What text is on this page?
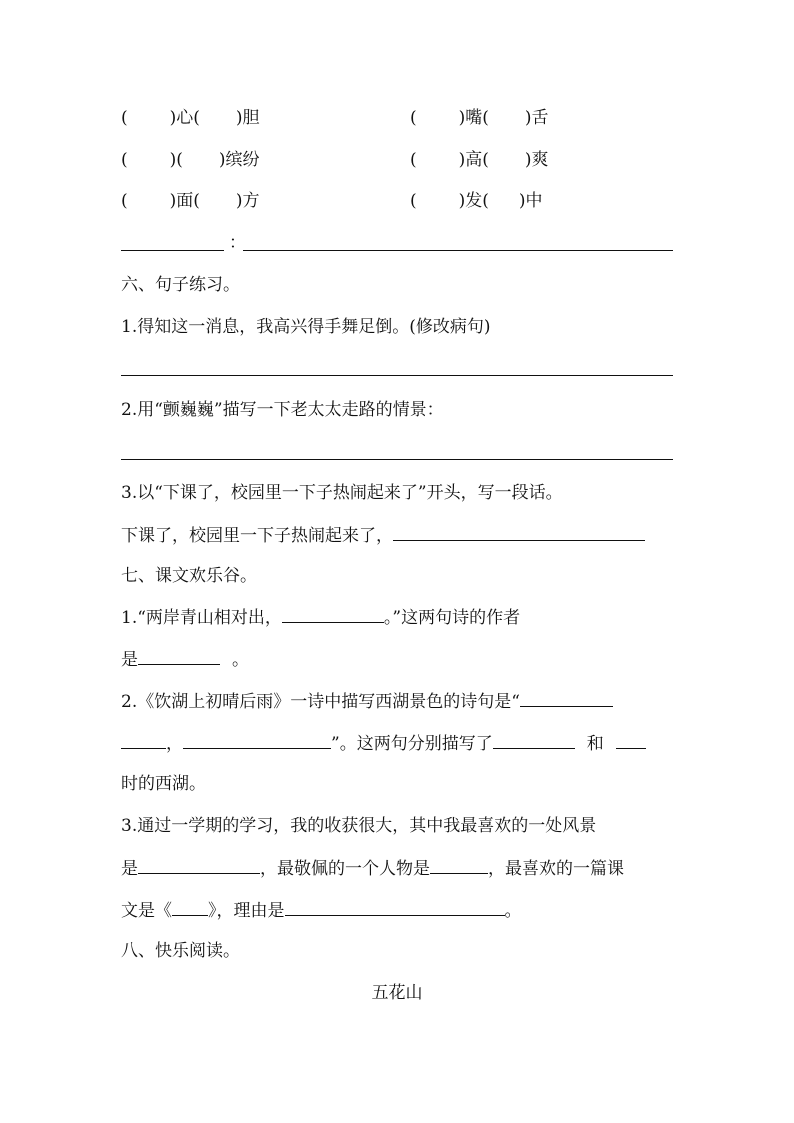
( )心( )胆	( )嘴( )舌
( )( )缤纷	( )高( )爽
( )面( )方	( )发( )中
：
六、句子练习。
1.得知这一消息，我高兴得手舞足倒。(修改病句)
2.用“颤巍巍”描写一下老太太走路的情景：
3.以“下课了，校园里一下子热闹起来了”开头，写一段话。
下课了，校园里一下子热闹起来了，
七、课文欢乐谷。
1.“两岸青山相对出，	。”这两句诗的作者
是	。
2.《饮湖上初晴后雨》一诗中描写西湖景色的诗句是“
，	”。这两句分别描写了	和
时的西湖。
3.通过一学期的学习，我的收获很大，其中我最喜欢的一处风景
是	，最敬佩的一个人物是	，最喜欢的一篇课
文是《 》，理由是	。
八、快乐阅读。
五花山
